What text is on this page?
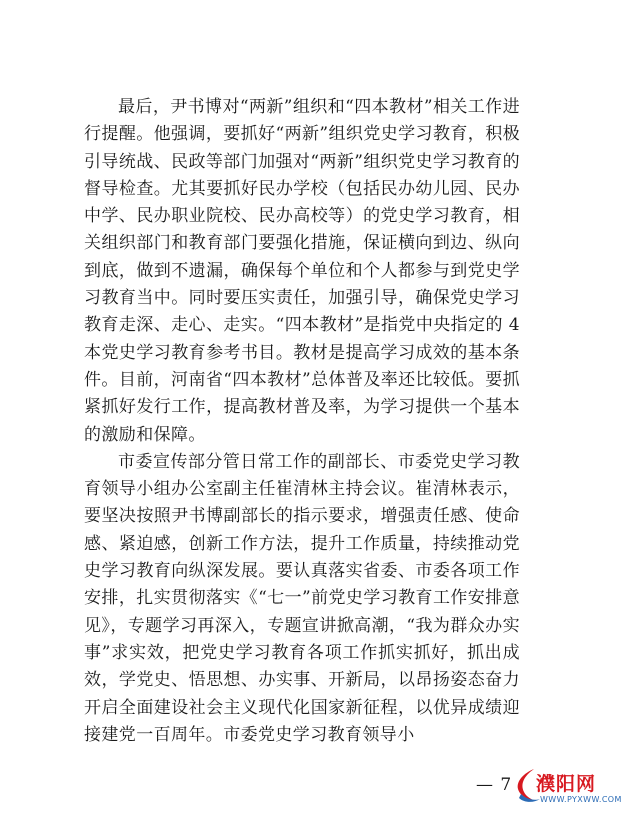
最后，尹书博对“两新”组织和“四本教材”相关工作进行提醒。他强调，要抓好“两新”组织党史学习教育，积极引导统战、民政等部门加强对“两新”组织党史学习教育的督导检查。尤其要抓好民办学校（包括民办幼儿园、民办中学、民办职业院校、民办高校等）的党史学习教育，相关组织部门和教育部门要强化措施，保证横向到边、纵向到底，做到不遗漏，确保每个单位和个人都参与到党史学习教育当中。同时要压实责任，加强引导，确保党史学习教育走深、走心、走实。“四本教材”是指党中央指定的 4 本党史学习教育参考书目。教材是提高学习成效的基本条件。目前，河南省“四本教材”总体普及率还比较低。要抓紧抓好发行工作，提高教材普及率，为学习提供一个基本的激励和保障。

市委宣传部分管日常工作的副部长、市委党史学习教育领导小组办公室副主任崔清林主持会议。崔清林表示，要坚决按照尹书博副部长的指示要求，增强责任感、使命感、紧迫感，创新工作方法，提升工作质量，持续推动党史学习教育向纵深发展。要认真落实省委、市委各项工作安排，扎实贯彻落实《“七一”前党史学习教育工作安排意见》，专题学习再深入，专题宣讲掀高潮，“我为群众办实事”求实效，把党史学习教育各项工作抓实抓好，抓出成效，学党史、悟思想、办实事、开新局，以昂扬姿态奋力开启全面建设社会主义现代化国家新征程，以优异成绩迎接建党一百周年。市委党史学习教育领导小

— 7 濮阳网
WWW.PYXWW.COM
